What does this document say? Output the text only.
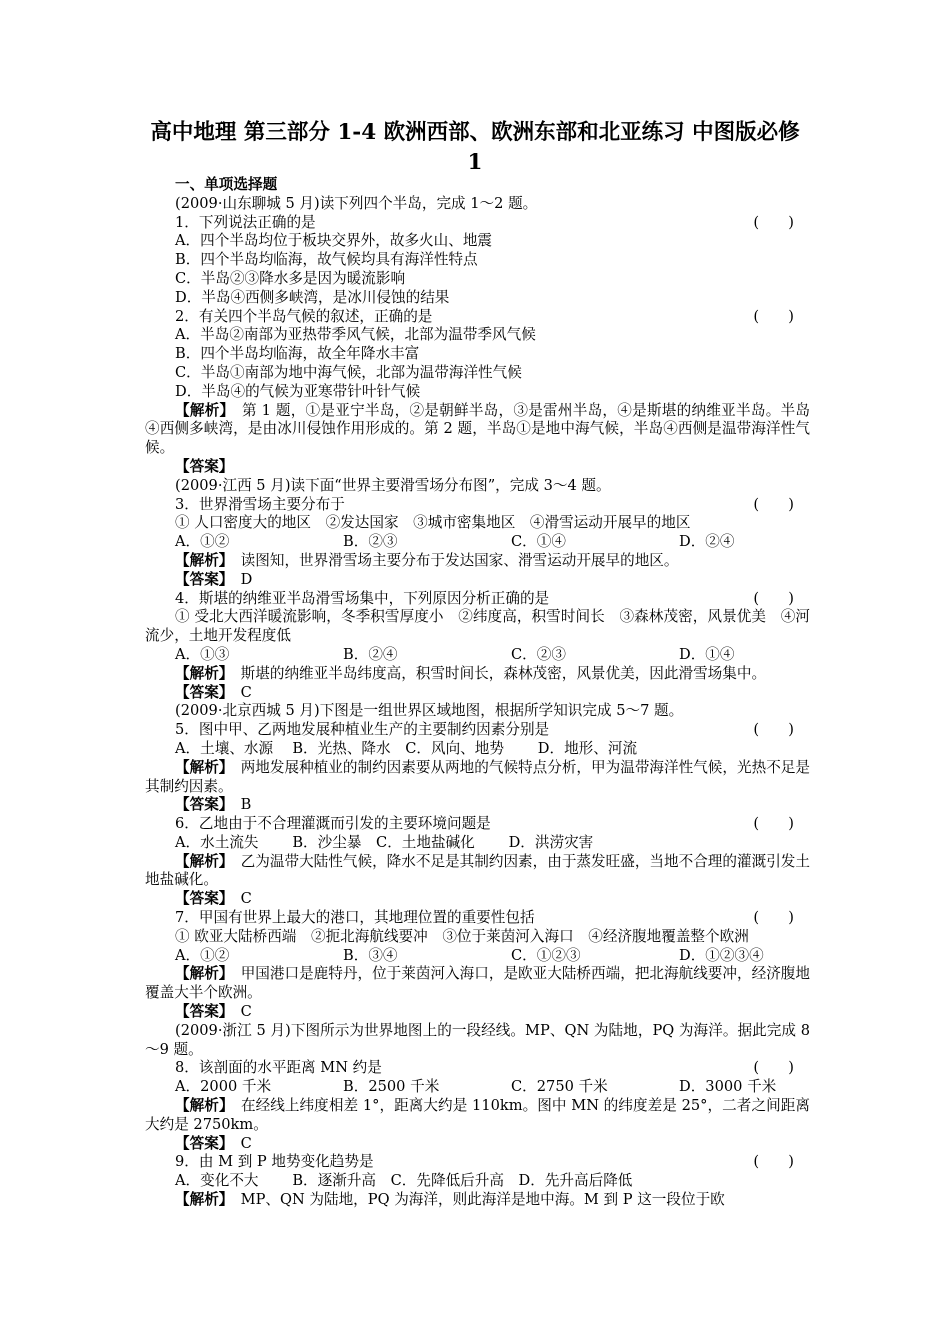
高中地理 第三部分 1-4 欧洲西部、欧洲东部和北亚练习 中图版必修
1
一、单项选择题
(2009·山东聊城 5 月)读下列四个半岛，完成 1～2 题。
1．下列说法正确的是	(　　)
A．四个半岛均位于板块交界外，故多火山、地震
B．四个半岛均临海，故气候均具有海洋性特点
C．半岛②③降水多是因为暖流影响
D．半岛④西侧多峡湾，是冰川侵蚀的结果
2．有关四个半岛气候的叙述，正确的是	(　　)
A．半岛②南部为亚热带季风气候，北部为温带季风气候
B．四个半岛均临海，故全年降水丰富
C．半岛①南部为地中海气候，北部为温带海洋性气候
D．半岛④的气候为亚寒带针叶针气候
【解析】　第 1 题，①是亚宁半岛，②是朝鲜半岛，③是雷州半岛，④是斯堪的纳维亚半岛。半岛④西侧多峡湾，是由冰川侵蚀作用形成的。第 2 题，半岛①是地中海气候，半岛④西侧是温带海洋性气候。
【答案】
(2009·江西 5 月)读下面“世界主要滑雪场分布图”，完成 3～4 题。
3．世界滑雪场主要分布于	(　　)
① 人口密度大的地区　②发达国家　③城市密集地区　④滑雪运动开展早的地区
A．①②	B．②③	C．①④	D．②④
【解析】　读图知，世界滑雪场主要分布于发达国家、滑雪运动开展早的地区。
【答案】　D
4．斯堪的纳维亚半岛滑雪场集中，下列原因分析正确的是	(　　)
① 受北大西洋暖流影响，冬季积雪厚度小　②纬度高，积雪时间长　③森林茂密，风景优美　④河流少，土地开发程度低
A．①③	B．②④	C．②③	D．①④
【解析】　斯堪的纳维亚半岛纬度高，积雪时间长，森林茂密，风景优美，因此滑雪场集中。
【答案】　C
(2009·北京西城 5 月)下图是一组世界区域地图，根据所学知识完成 5～7 题。
5．图中甲、乙两地发展种植业生产的主要制约因素分别是	(　　)
A．土壤、水源　 B．光热、降水　C．风向、地势　　 D．地形、河流
【解析】　两地发展种植业的制约因素要从两地的气候特点分析，甲为温带海洋性气候，光热不足是其制约因素。
【答案】　B
6．乙地由于不合理灌溉而引发的主要环境问题是	(　　)
A．水土流失　　 B．沙尘暴　C．土地盐碱化　　 D．洪涝灾害
【解析】　乙为温带大陆性气候，降水不足是其制约因素，由于蒸发旺盛，当地不合理的灌溉引发土地盐碱化。
【答案】　C
7．甲国有世界上最大的港口，其地理位置的重要性包括	(　　)
① 欧亚大陆桥西端　②扼北海航线要冲　③位于莱茵河入海口　④经济腹地覆盖整个欧洲
A．①②	B．③④	C．①②③	D．①②③④
【解析】　甲国港口是鹿特丹，位于莱茵河入海口，是欧亚大陆桥西端，把北海航线要冲，经济腹地覆盖大半个欧洲。
【答案】　C
(2009·浙江 5 月)下图所示为世界地图上的一段经线。MP、QN 为陆地，PQ 为海洋。据此完成 8～9 题。
8．该剖面的水平距离 MN 约是	(　　)
A．2000 千米	B．2500 千米	C．2750 千米	D．3000 千米
【解析】　在经线上纬度相差 1°，距离大约是 110km。图中 MN 的纬度差是 25°，二者之间距离大约是 2750km。
【答案】　C
9．由 M 到 P 地势变化趋势是	(　　)
A．变化不大　　 B．逐渐升高　C．先降低后升高　D．先升高后降低
【解析】　MP、QN 为陆地，PQ 为海洋，则此海洋是地中海。M 到 P 这一段位于欧
